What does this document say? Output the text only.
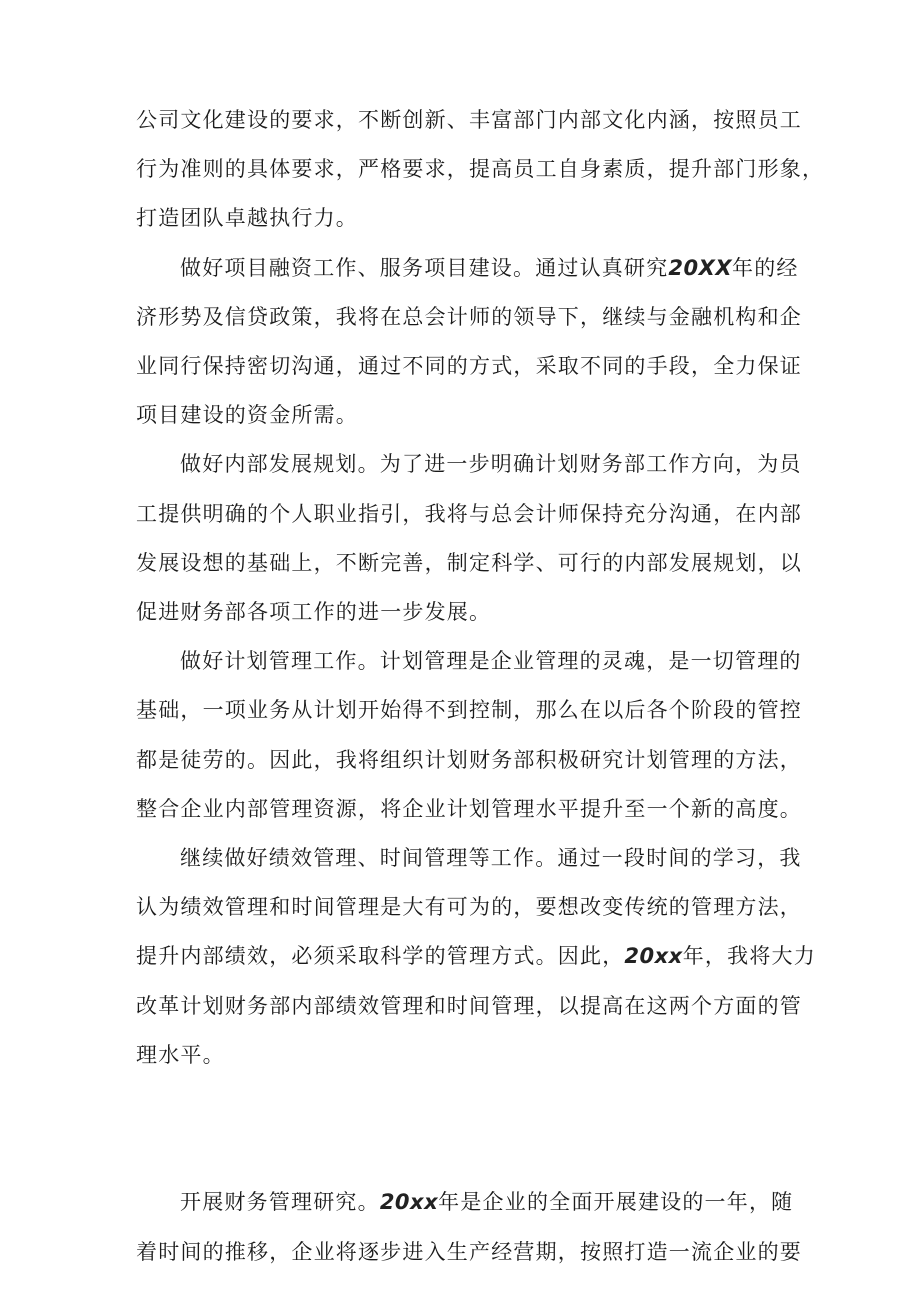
公司文化建设的要求，不断创新、丰富部门内部文化内涵，按照员工
行为准则的具体要求，严格要求，提高员工自身素质，提升部门形象，
打造团队卓越执行力。
做好项目融资工作、服务项目建设。通过认真研究20XX年的经
济形势及信贷政策，我将在总会计师的领导下，继续与金融机构和企
业同行保持密切沟通，通过不同的方式，采取不同的手段，全力保证
项目建设的资金所需。
做好内部发展规划。为了进一步明确计划财务部工作方向，为员
工提供明确的个人职业指引，我将与总会计师保持充分沟通，在内部
发展设想的基础上，不断完善，制定科学、可行的内部发展规划，以
促进财务部各项工作的进一步发展。
做好计划管理工作。计划管理是企业管理的灵魂，是一切管理的
基础，一项业务从计划开始得不到控制，那么在以后各个阶段的管控
都是徒劳的。因此，我将组织计划财务部积极研究计划管理的方法，
整合企业内部管理资源，将企业计划管理水平提升至一个新的高度。
继续做好绩效管理、时间管理等工作。通过一段时间的学习，我
认为绩效管理和时间管理是大有可为的，要想改变传统的管理方法，
提升内部绩效，必须采取科学的管理方式。因此，20xx年，我将大力
改革计划财务部内部绩效管理和时间管理，以提高在这两个方面的管
理水平。
开展财务管理研究。20xx年是企业的全面开展建设的一年，随
着时间的推移，企业将逐步进入生产经营期，按照打造一流企业的要
